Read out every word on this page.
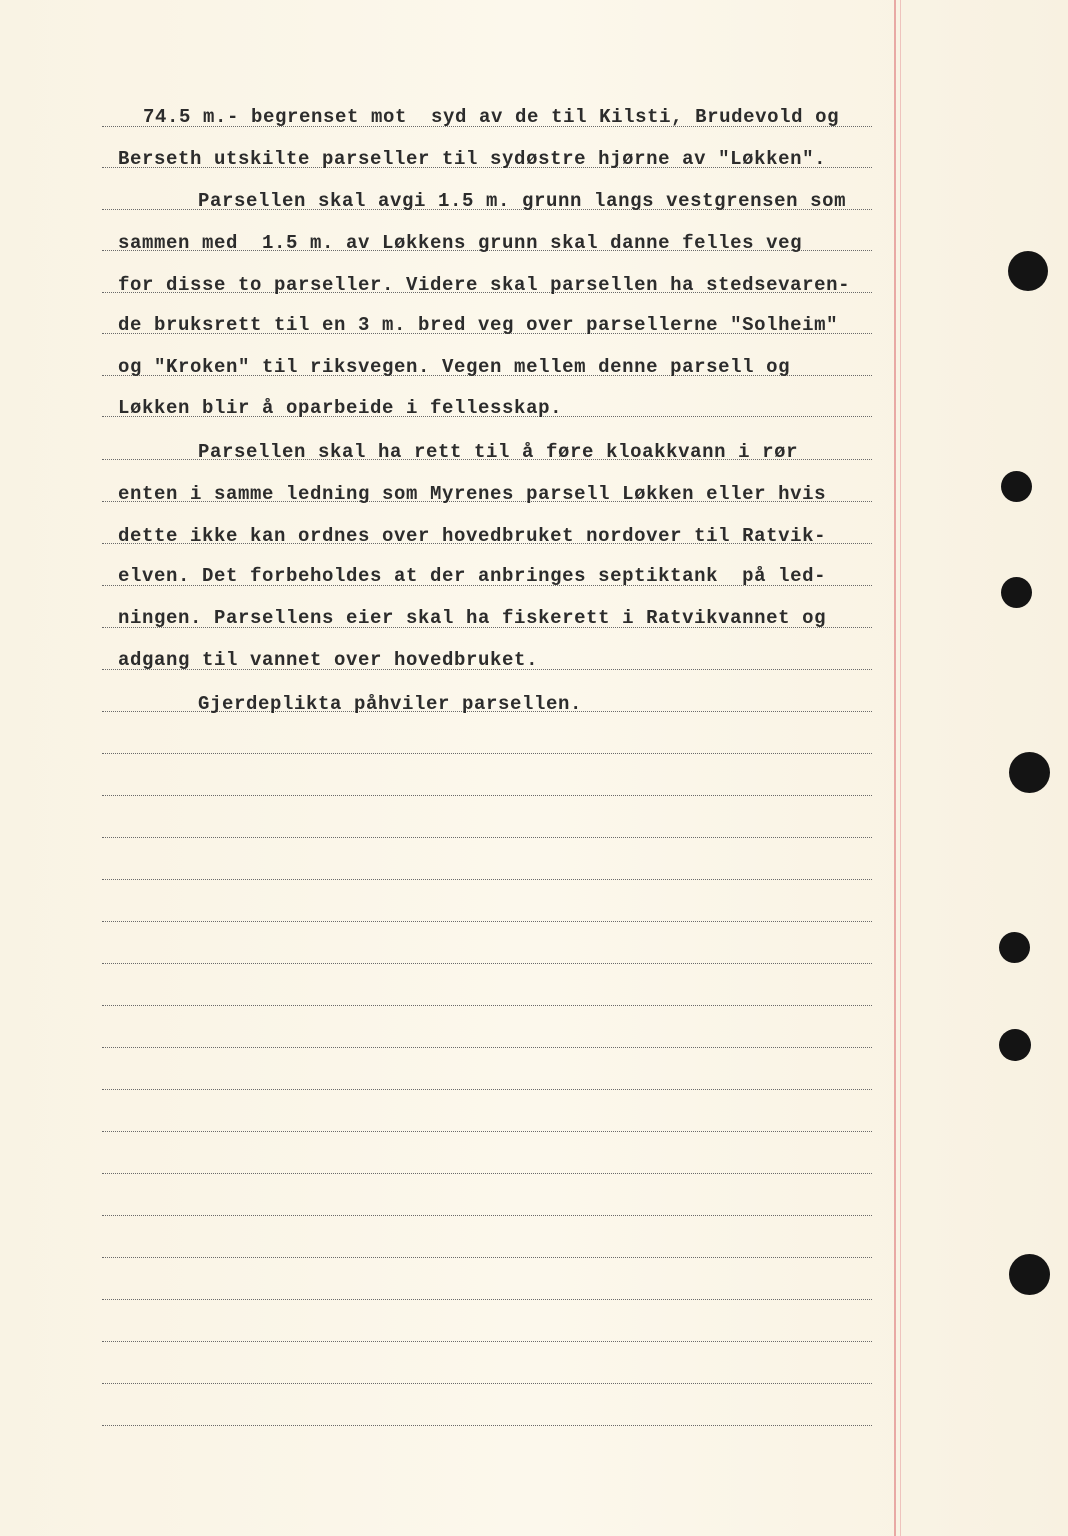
74.5 m.- begrenset mot  syd av de til Kilsti, Brudevold og
Berseth utskilte parseller til sydøstre hjørne av "Løkken".
Parsellen skal avgi 1.5 m. grunn langs vestgrensen som
sammen med  1.5 m. av Løkkens grunn skal danne felles veg
for disse to parseller. Videre skal parsellen ha stedsevaren-
de bruksrett til en 3 m. bred veg over parsellerne "Solheim"
og "Kroken" til riksvegen. Vegen mellem denne parsell og
Løkken blir å oparbeide i fellesskap.
Parsellen skal ha rett til å føre kloakkvann i rør
enten i samme ledning som Myrenes parsell Løkken eller hvis
dette ikke kan ordnes over hovedbruket nordover til Ratvik-
elven. Det forbeholdes at der anbringes septiktank  på led-
ningen. Parsellens eier skal ha fiskerett i Ratvikvannet og
adgang til vannet over hovedbruket.
Gjerdeplikta påhviler parsellen.
